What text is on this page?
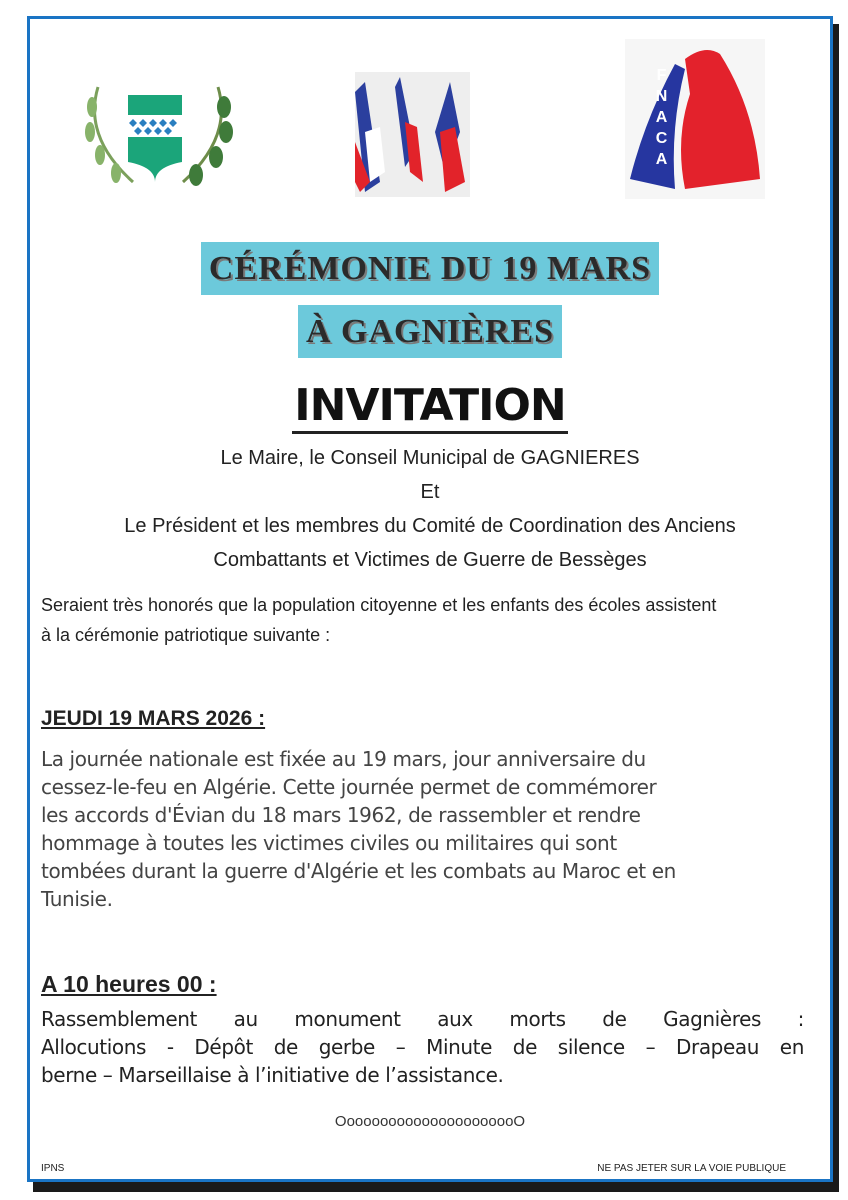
FNACA
CÉRÉMONIE DU 19 MARS
À GAGNIÈRES
INVITATION
Le Maire, le Conseil Municipal de GAGNIERES
Et
Le Président et les membres du Comité de Coordination des Anciens
Combattants et Victimes de Guerre de Bessèges
Seraient très honorés que la population citoyenne et les enfants des écoles assistent
à la cérémonie patriotique suivante :
JEUDI 19 MARS 2026 :
La journée nationale est fixée au 19 mars, jour anniversaire du
cessez-le-feu en Algérie. Cette journée permet de commémorer
les accords d'Évian du 18 mars 1962, de rassembler et rendre
hommage à toutes les victimes civiles ou militaires qui sont
tombées durant la guerre d'Algérie et les combats au Maroc et en
Tunisie.
A 10 heures 00 :
Rassemblement au monument aux morts de Gagnières :
Allocutions - Dépôt de gerbe – Minute de silence – Drapeau en
berne – Marseillaise à l’initiative de l’assistance.
OooooooooooooooooooooO
IPNS	NE PAS JETER SUR LA VOIE PUBLIQUE
